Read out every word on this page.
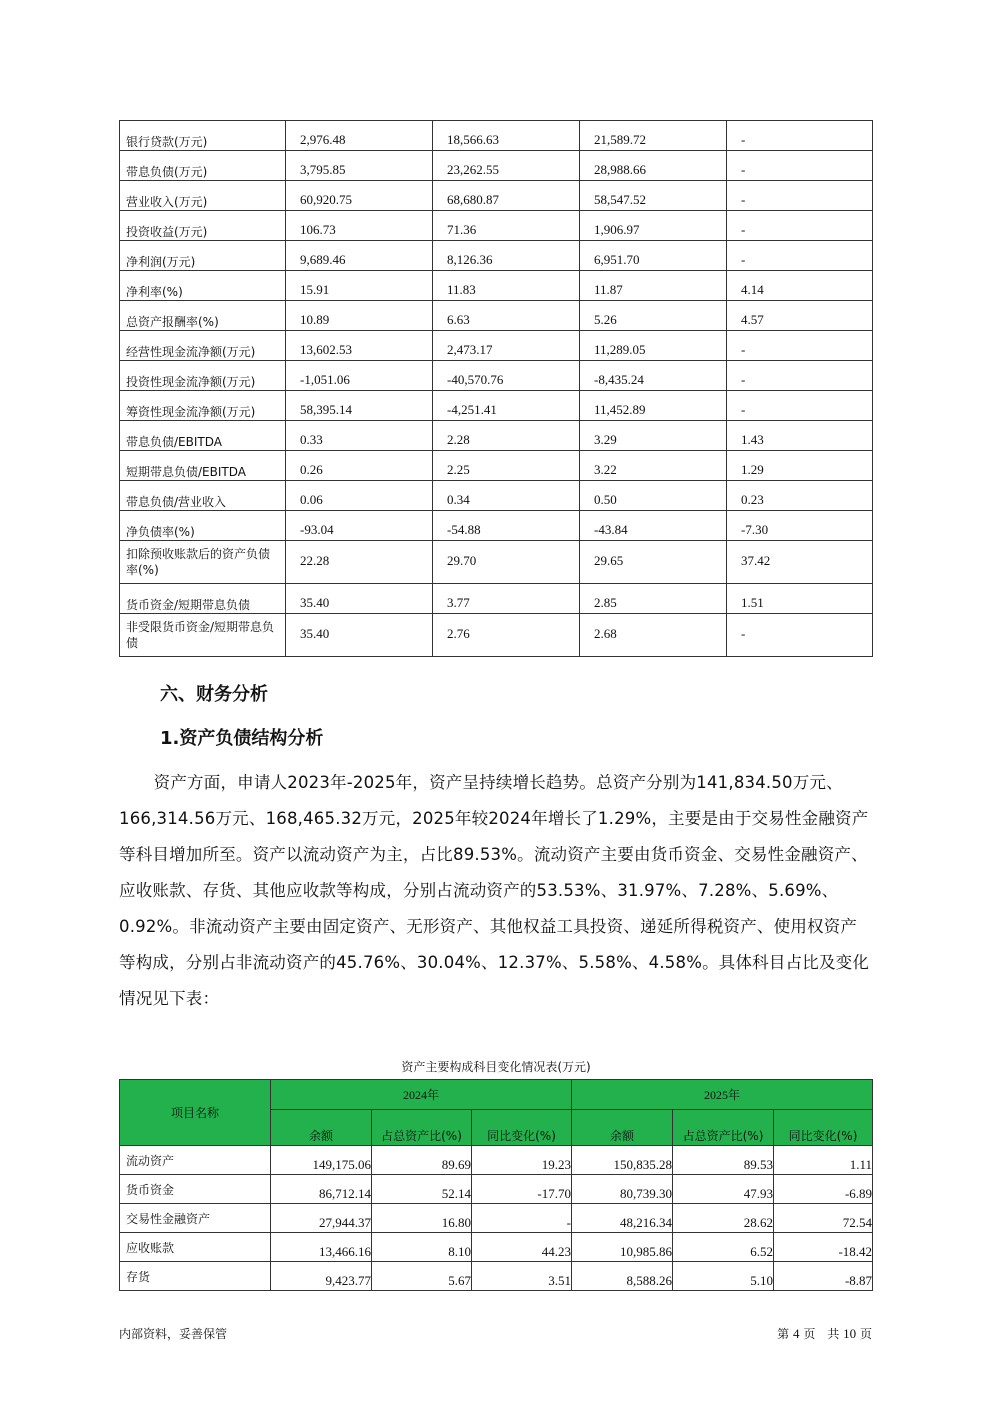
银行贷款(万元)	2,976.48	18,566.63	21,589.72	-
带息负债(万元)	3,795.85	23,262.55	28,988.66	-
营业收入(万元)	60,920.75	68,680.87	58,547.52	-
投资收益(万元)	106.73	71.36	1,906.97	-
净利润(万元)	9,689.46	8,126.36	6,951.70	-
净利率(%)	15.91	11.83	11.87	4.14
总资产报酬率(%)	10.89	6.63	5.26	4.57
经营性现金流净额(万元)	13,602.53	2,473.17	11,289.05	-
投资性现金流净额(万元)	-1,051.06	-40,570.76	-8,435.24	-
筹资性现金流净额(万元)	58,395.14	-4,251.41	11,452.89	-
带息负债/EBITDA	0.33	2.28	3.29	1.43
短期带息负债/EBITDA	0.26	2.25	3.22	1.29
带息负债/营业收入	0.06	0.34	0.50	0.23
净负债率(%)	-93.04	-54.88	-43.84	-7.30
扣除预收账款后的资产负债率(%)	22.28	29.70	29.65	37.42
货币资金/短期带息负债	35.40	3.77	2.85	1.51
非受限货币资金/短期带息负债	35.40	2.76	2.68	-
六、财务分析
1.资产负债结构分析

资产方面，申请人2023年-2025年，资产呈持续增长趋势。总资产分别为141,834.50万元、166,314.56万元、168,465.32万元，2025年较2024年增长了1.29%，主要是由于交易性金融资产等科目增加所至。资产以流动资产为主，占比89.53%。流动资产主要由货币资金、交易性金融资产、应收账款、存货、其他应收款等构成，分别占流动资产的53.53%、31.97%、7.28%、5.69%、0.92%。非流动资产主要由固定资产、无形资产、其他权益工具投资、递延所得税资产、使用权资产等构成，分别占非流动资产的45.76%、30.04%、12.37%、5.58%、4.58%。具体科目占比及变化情况见下表：

资产主要构成科目变化情况表(万元)
项目名称	2024年			2025年		
	余额	占总资产比(%)	同比变化(%)	余额	占总资产比(%)	同比变化(%)
流动资产	149,175.06	89.69	19.23	150,835.28	89.53	1.11
货币资金	86,712.14	52.14	-17.70	80,739.30	47.93	-6.89
交易性金融资产	27,944.37	16.80	-	48,216.34	28.62	72.54
应收账款	13,466.16	8.10	44.23	10,985.86	6.52	-18.42
存货	9,423.77	5.67	3.51	8,588.26	5.10	-8.87
内部资料，妥善保管	第 4 页　共 10 页
